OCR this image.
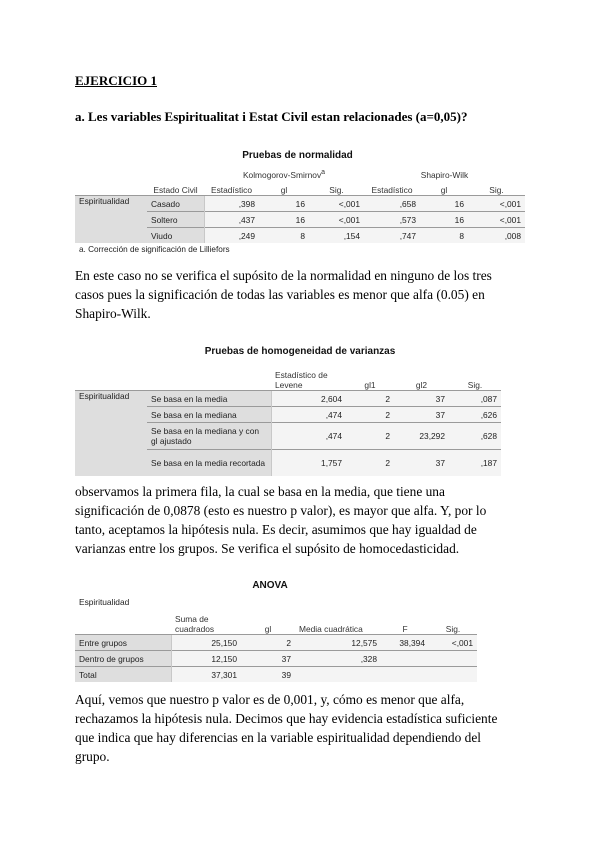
EJERCICIO 1
a. Les variables Espiritualitat i Estat Civil estan relacionades (a=0,05)?
Pruebas de normalidad
		Kolmogorov-Smirnov$^a$			Shapiro-Wilk		
	Estado Civil	Estadístico	gl	Sig.	Estadístico	gl	Sig.
Espiritualidad	Casado	,398	16	<,001	,658	16	<,001
	Soltero	,437	16	<,001	,573	16	<,001
	Viudo	,249	8	,154	,747	8	,008
a. Corrección de significación de Lilliefors
En este caso no se verifica el supósito de la normalidad en ninguno de los tres
casos pues la significación de todas las variables es menor que alfa (0.05) en
Shapiro-Wilk.
Pruebas de homogeneidad de varianzas
		Estadístico de Levene	gl1	gl2	Sig.
Espiritualidad	Se basa en la media	2,604	2	37	,087
	Se basa en la mediana	,474	2	37	,626
	Se basa en la mediana y con gl ajustado	,474	2	23,292	,628
	Se basa en la media recortada	1,757	2	37	,187
observamos la primera fila, la cual se basa en la media, que tiene una
significación de 0,0878 (esto es nuestro p valor), es mayor que alfa. Y, por lo
tanto, aceptamos la hipótesis nula. Es decir, asumimos que hay igualdad de
varianzas entre los grupos. Se verifica el supósito de homocedasticidad.
ANOVA
Espiritualidad
	Suma de cuadrados	gl	Media cuadrática	F	Sig.
Entre grupos	25,150	2	12,575	38,394	<,001
Dentro de grupos	12,150	37	,328		
Total	37,301	39			
Aquí, vemos que nuestro p valor es de 0,001, y, cómo es menor que alfa,
rechazamos la hipótesis nula. Decimos que hay evidencia estadística suficiente
que indica que hay diferencias en la variable espiritualidad dependiendo del
grupo.
